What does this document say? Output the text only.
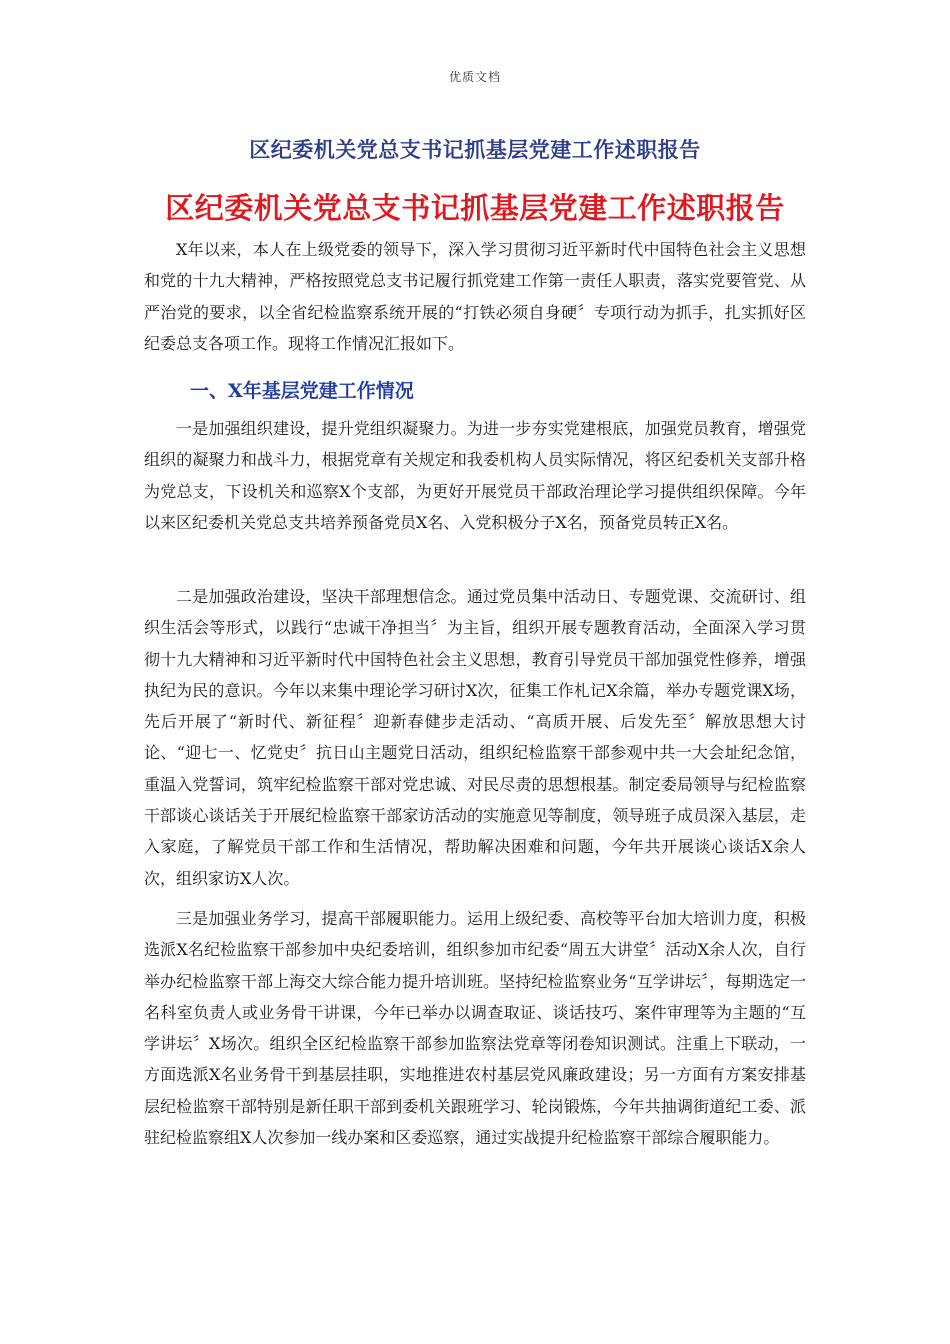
优质文档
区纪委机关党总支书记抓基层党建工作述职报告
区纪委机关党总支书记抓基层党建工作述职报告

X年以来，本人在上级党委的领导下，深入学习贯彻习近平新时代中国特色社会主义思想和党的十九大精神，严格按照党总支书记履行抓党建工作第一责任人职责，落实党要管党、从严治党的要求，以全省纪检监察系统开展的“打铁必须自身硬〞专项行动为抓手，扎实抓好区纪委总支各项工作。现将工作情况汇报如下。

一、X年基层党建工作情况

一是加强组织建设，提升党组织凝聚力。为进一步夯实党建根底，加强党员教育，增强党组织的凝聚力和战斗力，根据党章有关规定和我委机构人员实际情况，将区纪委机关支部升格为党总支，下设机关和巡察X个支部，为更好开展党员干部政治理论学习提供组织保障。今年以来区纪委机关党总支共培养预备党员X名、入党积极分子X名，预备党员转正X名。

二是加强政治建设，坚决干部理想信念。通过党员集中活动日、专题党课、交流研讨、组织生活会等形式，以践行“忠诚干净担当〞为主旨，组织开展专题教育活动，全面深入学习贯彻十九大精神和习近平新时代中国特色社会主义思想，教育引导党员干部加强党性修养，增强执纪为民的意识。今年以来集中理论学习研讨X次，征集工作札记X余篇，举办专题党课X场，先后开展了“新时代、新征程〞迎新春健步走活动、“高质开展、后发先至〞解放思想大讨论、“迎七一、忆党史〞抗日山主题党日活动，组织纪检监察干部参观中共一大会址纪念馆，重温入党誓词，筑牢纪检监察干部对党忠诚、对民尽责的思想根基。制定委局领导与纪检监察干部谈心谈话关于开展纪检监察干部家访活动的实施意见等制度，领导班子成员深入基层，走入家庭，了解党员干部工作和生活情况，帮助解决困难和问题，今年共开展谈心谈话X余人次，组织家访X人次。

三是加强业务学习，提高干部履职能力。运用上级纪委、高校等平台加大培训力度，积极选派X名纪检监察干部参加中央纪委培训，组织参加市纪委“周五大讲堂〞活动X余人次，自行举办纪检监察干部上海交大综合能力提升培训班。坚持纪检监察业务“互学讲坛〞，每期选定一名科室负责人或业务骨干讲课，今年已举办以调查取证、谈话技巧、案件审理等为主题的“互学讲坛〞X场次。组织全区纪检监察干部参加监察法党章等闭卷知识测试。注重上下联动，一方面选派X名业务骨干到基层挂职，实地推进农村基层党风廉政建设；另一方面有方案安排基层纪检监察干部特别是新任职干部到委机关跟班学习、轮岗锻炼，今年共抽调街道纪工委、派驻纪检监察组X人次参加一线办案和区委巡察，通过实战提升纪检监察干部综合履职能力。
